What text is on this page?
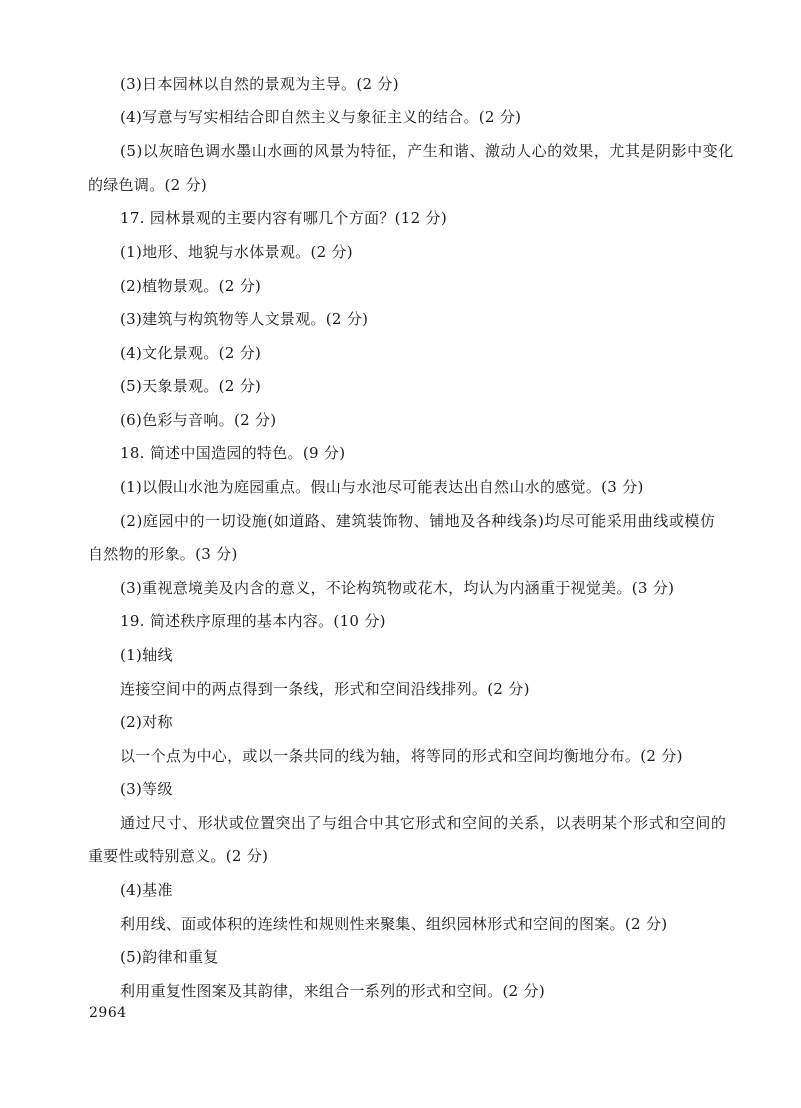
(3)日本园林以自然的景观为主导。(2 分)
(4)写意与写实相结合即自然主义与象征主义的结合。(2 分)
(5)以灰暗色调水墨山水画的风景为特征，产生和谐、激动人心的效果，尤其是阴影中变化
的绿色调。(2 分)
17. 园林景观的主要内容有哪几个方面？(12 分)
(1)地形、地貌与水体景观。(2 分)
(2)植物景观。(2 分)
(3)建筑与构筑物等人文景观。(2 分)
(4)文化景观。(2 分)
(5)天象景观。(2 分)
(6)色彩与音响。(2 分)
18. 简述中国造园的特色。(9 分)
(1)以假山水池为庭园重点。假山与水池尽可能表达出自然山水的感觉。(3 分)
(2)庭园中的一切设施(如道路、建筑装饰物、铺地及各种线条)均尽可能采用曲线或模仿
自然物的形象。(3 分)
(3)重视意境美及内含的意义，不论构筑物或花木，均认为内涵重于视觉美。(3 分)
19. 简述秩序原理的基本内容。(10 分)
(1)轴线
连接空间中的两点得到一条线，形式和空间沿线排列。(2 分)
(2)对称
以一个点为中心，或以一条共同的线为轴，将等同的形式和空间均衡地分布。(2 分)
(3)等级
通过尺寸、形状或位置突出了与组合中其它形式和空间的关系，以表明某个形式和空间的
重要性或特别意义。(2 分)
(4)基准
利用线、面或体积的连续性和规则性来聚集、组织园林形式和空间的图案。(2 分)
(5)韵律和重复
利用重复性图案及其韵律，来组合一系列的形式和空间。(2 分)
2964
